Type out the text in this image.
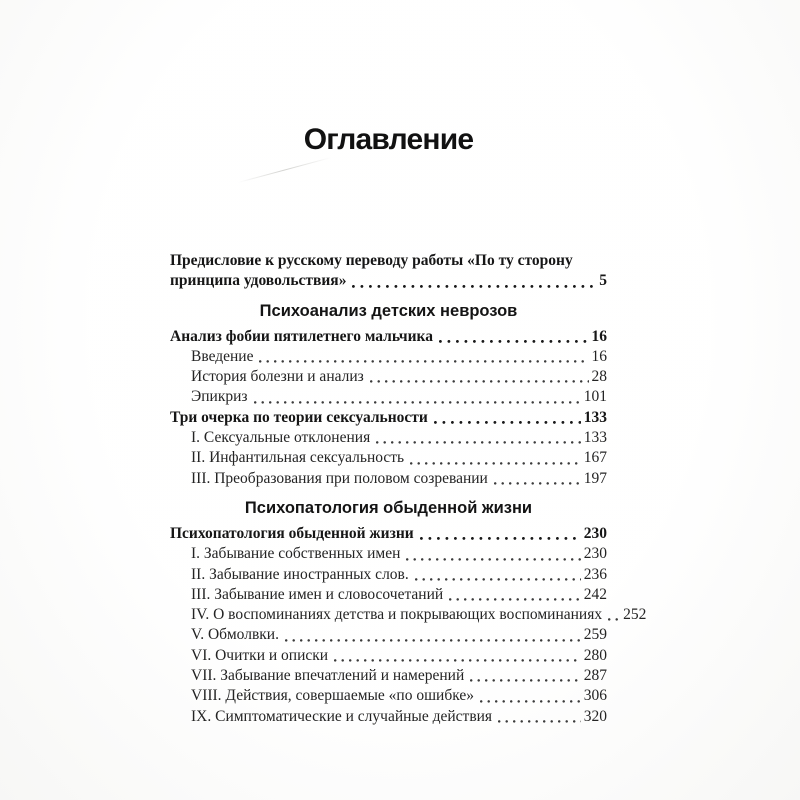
Оглавление
Предисловие к русскому переводу работы «По ту сторону
принципа удовольствия»	5
Психоанализ детских неврозов
Анализ фобии пятилетнего мальчика	16
Введение	16
История болезни и анализ	28
Эпикриз	101
Три очерка по теории сексуальности	133
I. Сексуальные отклонения	133
II. Инфантильная сексуальность	167
III. Преобразования при половом созревании	197
Психопатология обыденной жизни
Психопатология обыденной жизни	230
I. Забывание собственных имен	230
II. Забывание иностранных слов.	236
III. Забывание имен и словосочетаний	242
IV. О воспоминаниях детства и покрывающих воспоминаниях 252
V. Обмолвки.	259
VI. Очитки и описки	280
VII. Забывание впечатлений и намерений	287
VIII. Действия, совершаемые «по ошибке»	306
IX. Симптоматические и случайные действия	320
